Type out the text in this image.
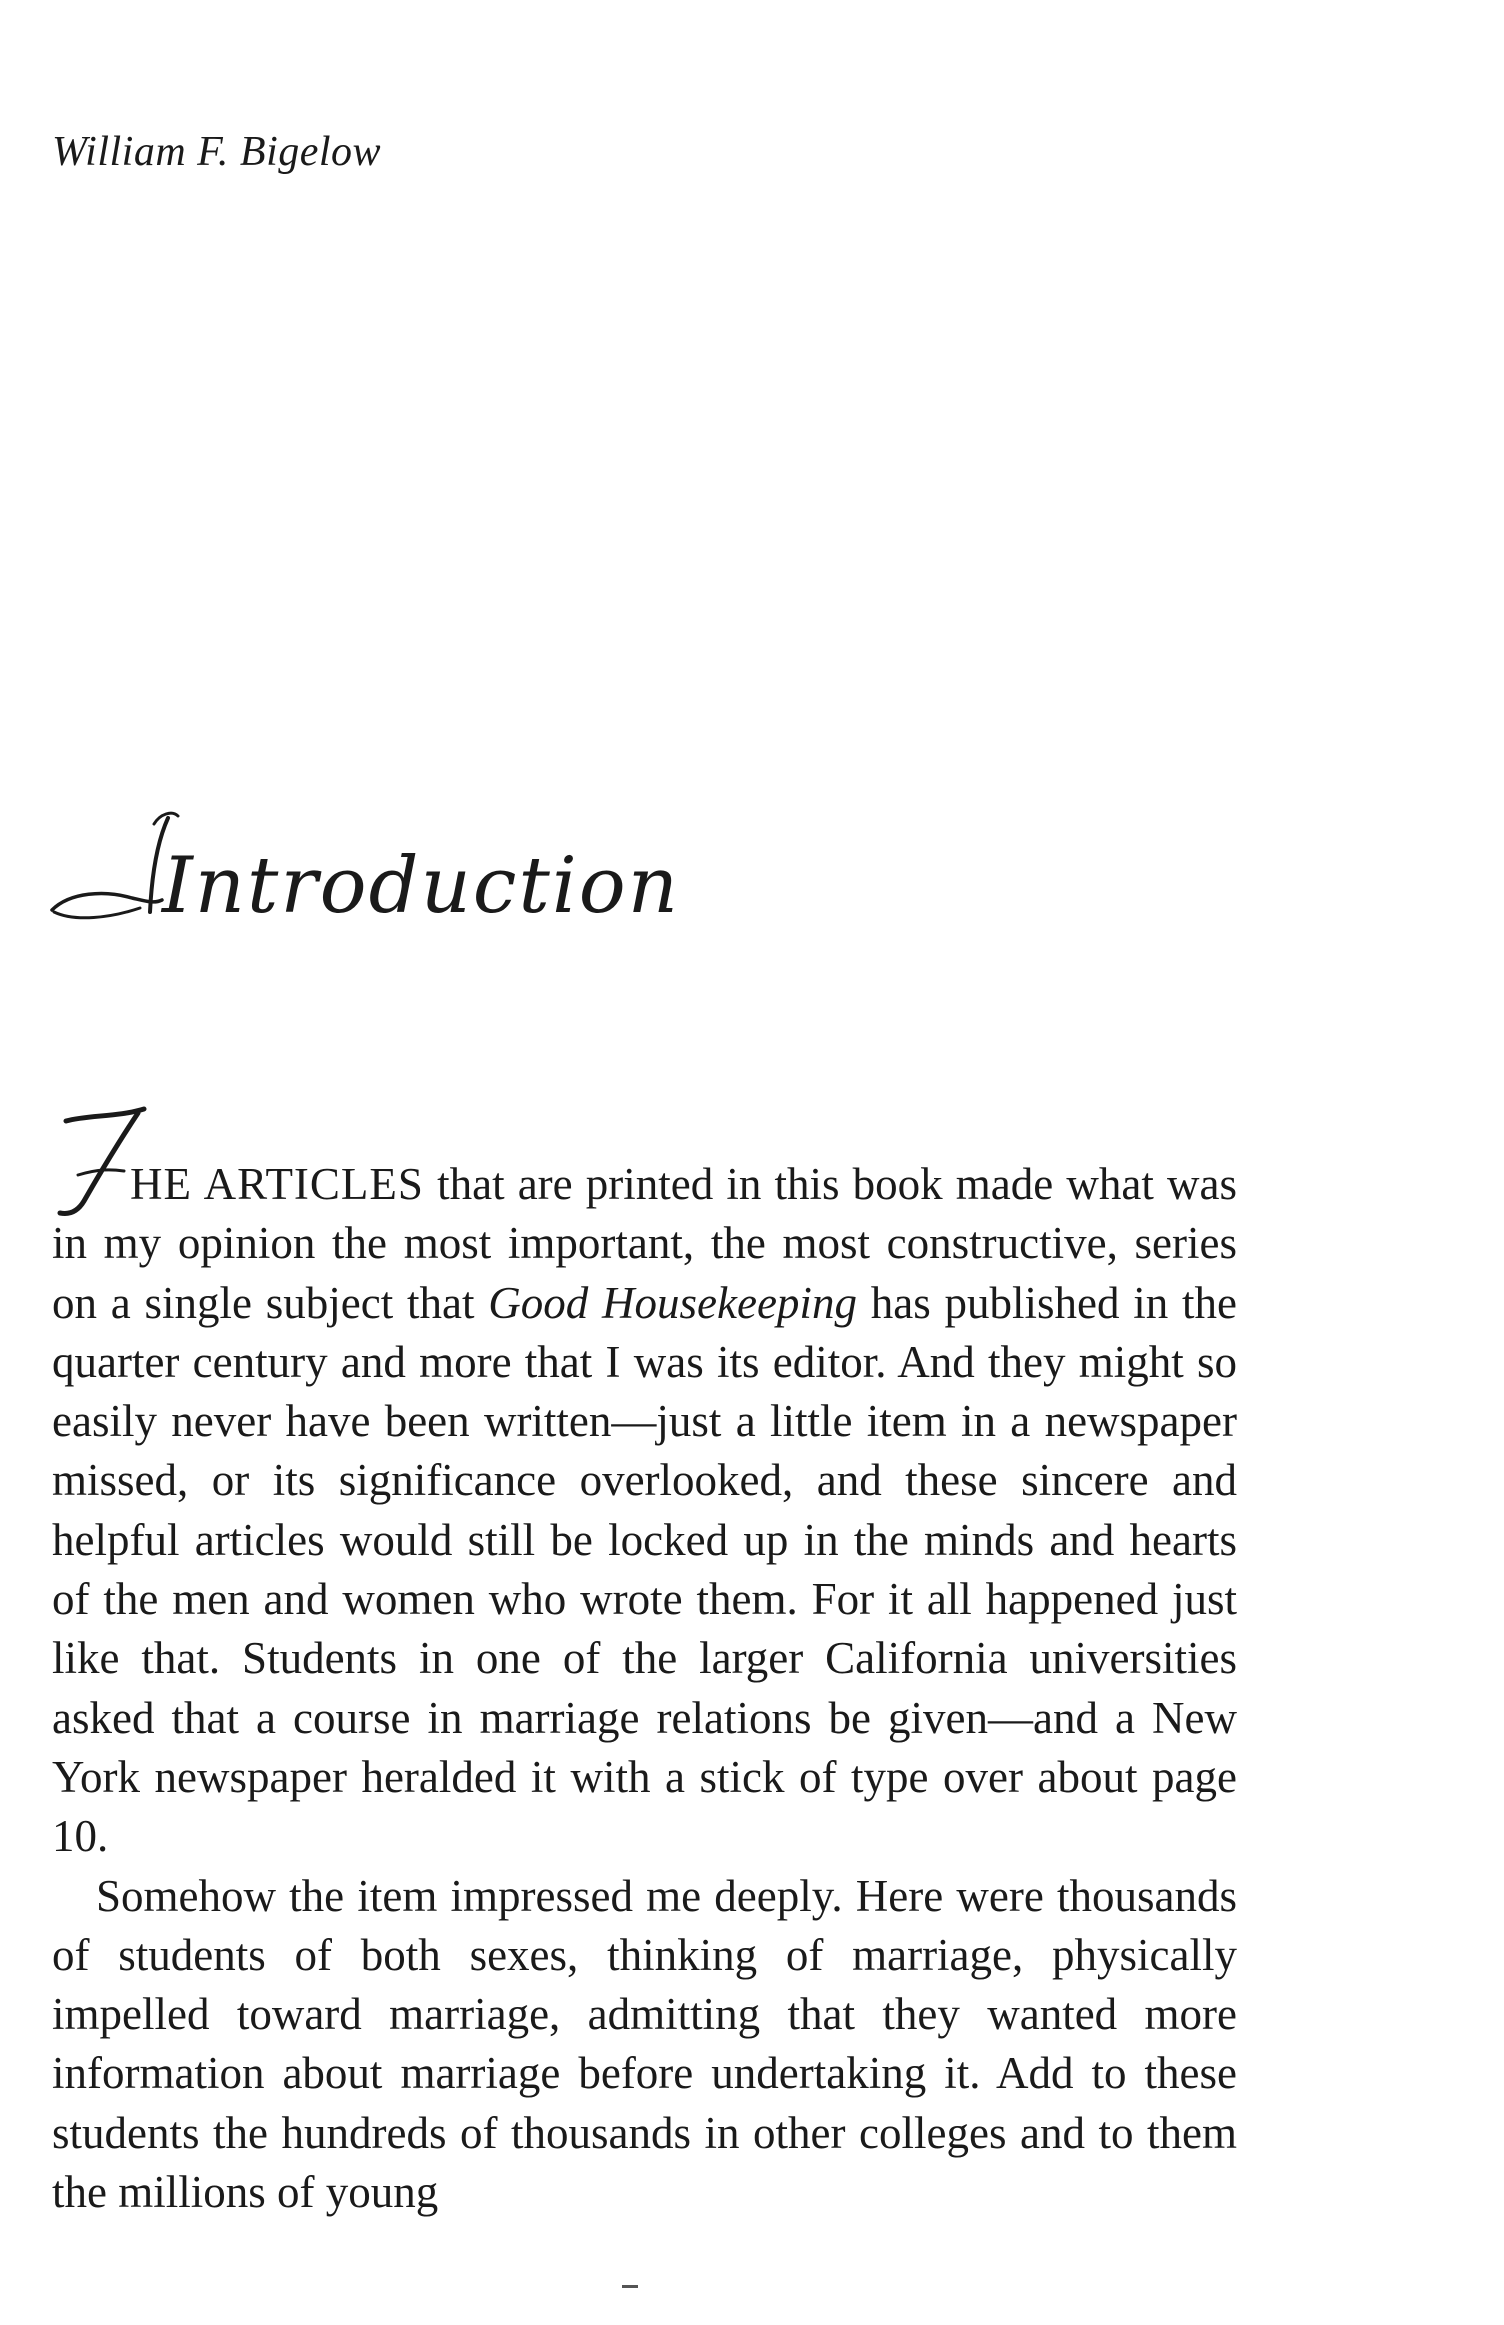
William F. Bigelow
Introduction

HE ARTICLES that are printed in this book made what was in my opinion the most important, the most constructive, series on a single subject that Good Housekeeping has published in the quarter century and more that I was its editor. And they might so easily never have been written—just a little item in a newspaper missed, or its significance overlooked, and these sincere and helpful articles would still be locked up in the minds and hearts of the men and women who wrote them. For it all happened just like that. Students in one of the larger California universities asked that a course in marriage relations be given—and a New York newspaper heralded it with a stick of type over about page 10.

Somehow the item impressed me deeply. Here were thousands of students of both sexes, thinking of marriage, physically impelled toward marriage, admitting that they wanted more information about marriage before undertaking it. Add to these students the hundreds of thousands in other colleges and to them the millions of young
